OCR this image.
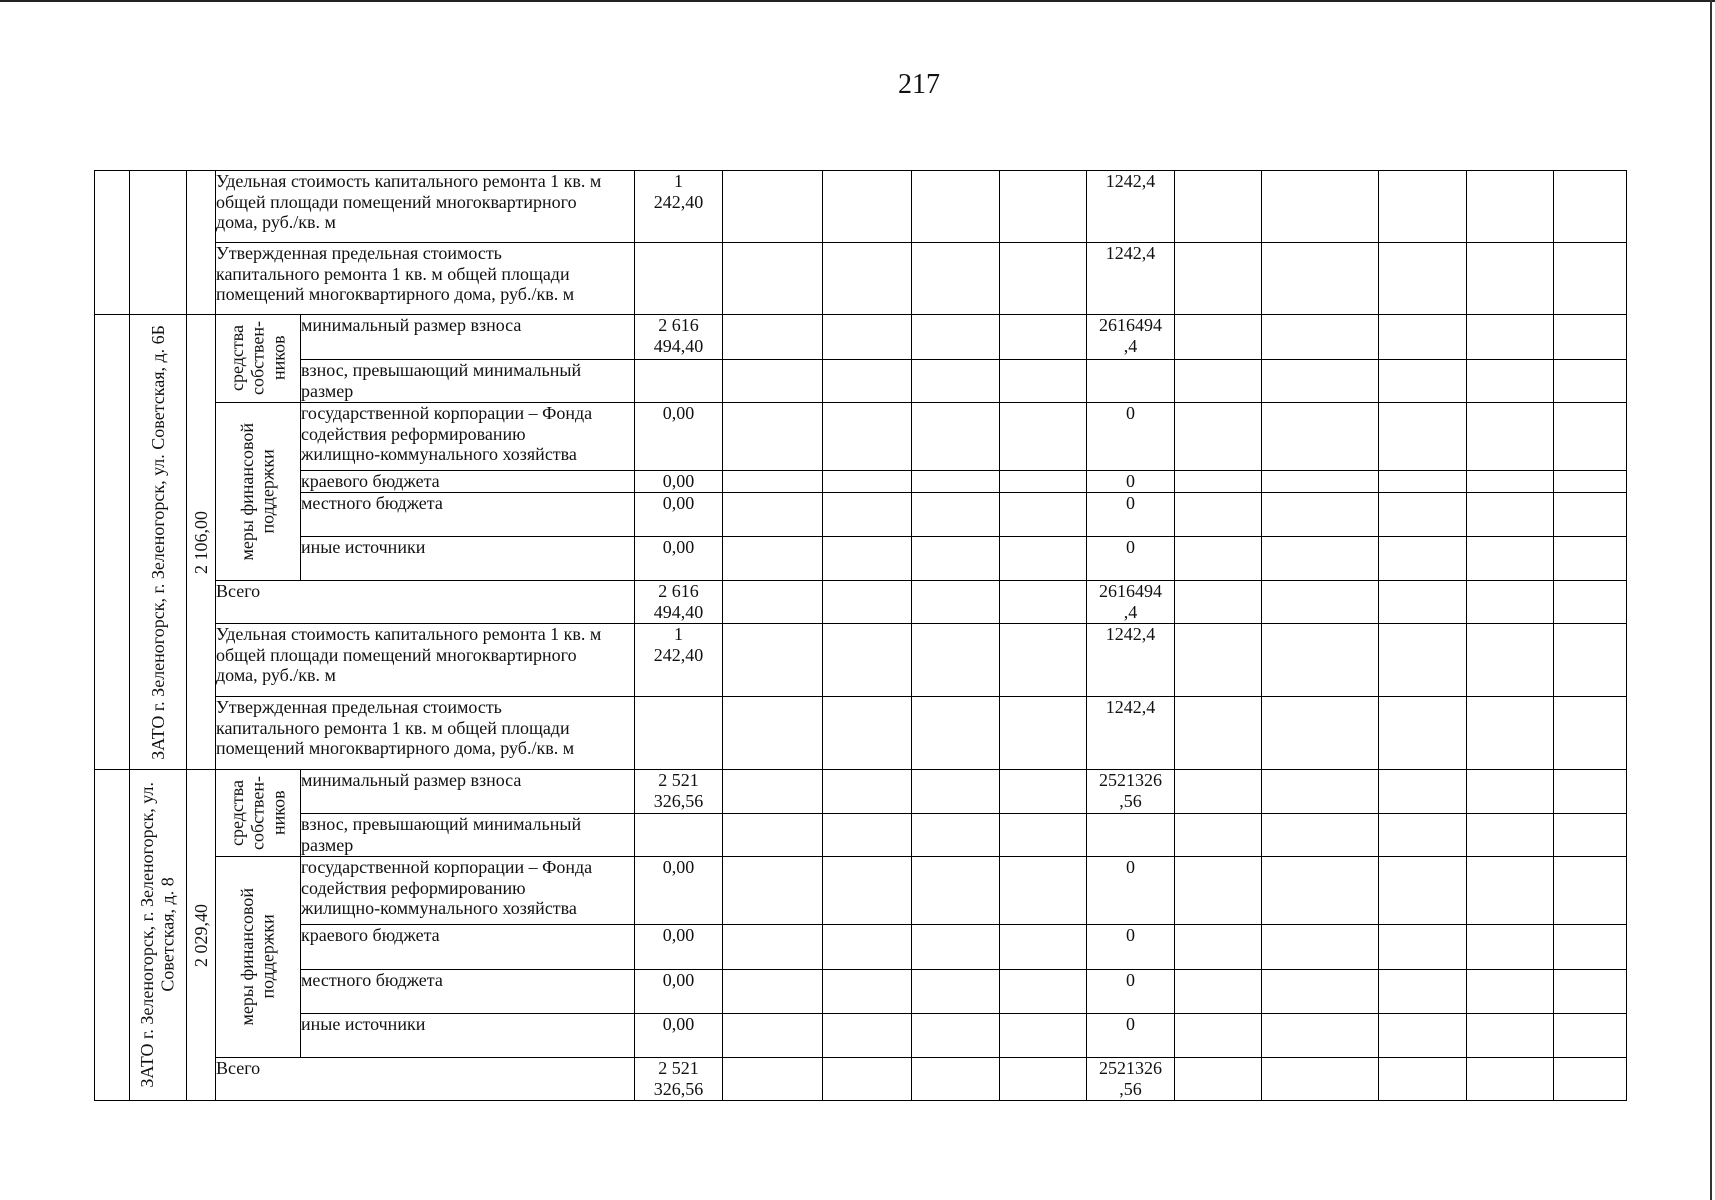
217
			Удельная стоимость капитального ремонта 1 кв. м
общей площади помещений многоквартирного
дома, руб./кв. м		1
242,40					1242,4					
			Утвержденная предельная стоимость
капитального ремонта 1 кв. м общей площади
помещений многоквартирного дома, руб./кв. м							1242,4					

	ЗАТО г. Зеленогорск, г. Зеленогорск, ул. Советская, д. 6Б	2 106,00	средства
собствен-
ников	минимальный размер взноса	2 616
494,40					2616494
,4					
				взнос, превышающий минимальный
размер											

			меры финансовой
поддержки	государственной корпорации – Фонда
содействия реформированию
жилищно-коммунального хозяйства	0,00					0					
				краевого бюджета	0,00					0					
				местного бюджета	0,00					0					
				иные источники	0,00					0					
			Всего		2 616
494,40					2616494
,4					
			Удельная стоимость капитального ремонта 1 кв. м
общей площади помещений многоквартирного
дома, руб./кв. м		1
242,40					1242,4					
			Утвержденная предельная стоимость
капитального ремонта 1 кв. м общей площади
помещений многоквартирного дома, руб./кв. м							1242,4					

	ЗАТО г. Зеленогорск, г. Зеленогорск, ул.
Советская, д. 8	2 029,40	средства
собствен-
ников	минимальный размер взноса	2 521
326,56					2521326
,56					
				взнос, превышающий минимальный
размер											

			меры финансовой
поддержки	государственной корпорации – Фонда
содействия реформированию
жилищно-коммунального хозяйства	0,00					0					
				краевого бюджета	0,00					0					
				местного бюджета	0,00					0					
				иные источники	0,00					0					
			Всего		2 521
326,56					2521326
,56					
